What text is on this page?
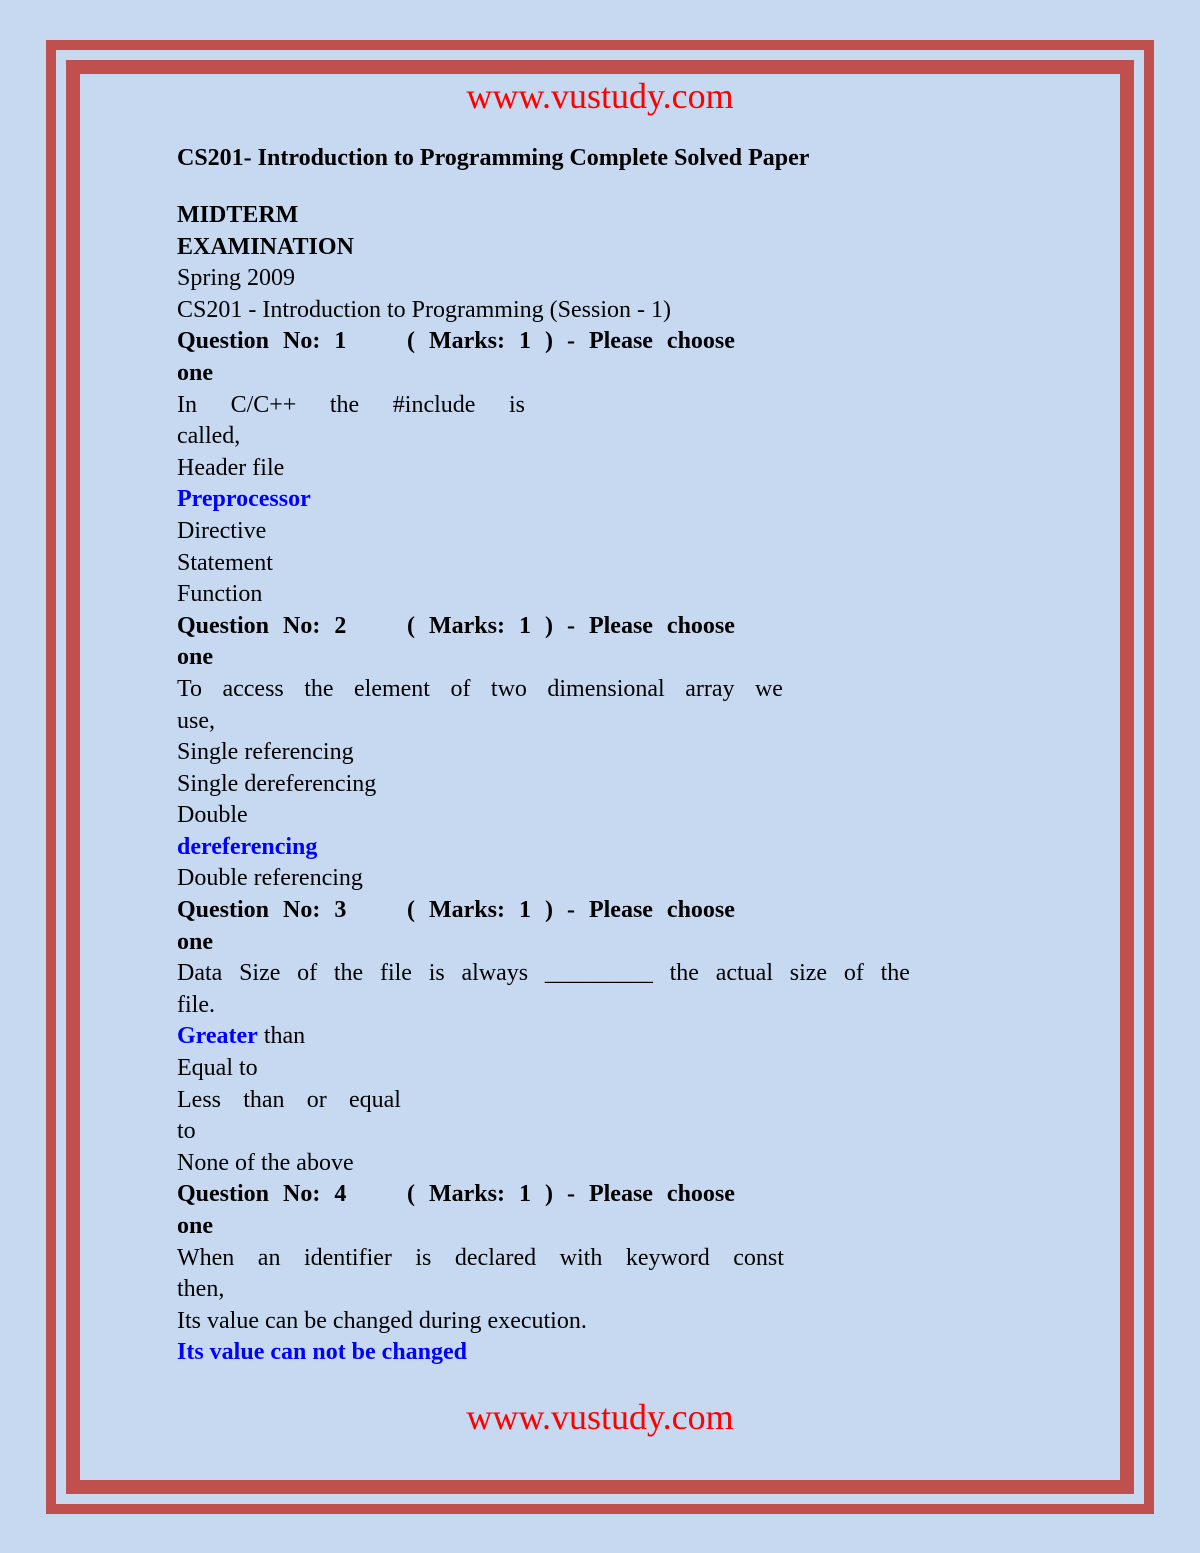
www.vustudy.com
CS201- Introduction to Programming Complete Solved Paper
MIDTERM
EXAMINATION
Spring 2009
CS201 - Introduction to Programming (Session - 1)
Question No: 1	( Marks: 1 ) - Please choose
one
In C/C++ the #include is
called,
Header file
Preprocessor
Directive
Statement
Function
Question No: 2	( Marks: 1 ) - Please choose
one
To access the element of two dimensional array we
use,
Single referencing
Single dereferencing
Double
dereferencing
Double referencing
Question No: 3	( Marks: 1 ) - Please choose
one
Data Size of the file is always _________ the actual size of the
file.
Greater than
Equal to
Less than or equal
to
None of the above
Question No: 4	( Marks: 1 ) - Please choose
one
When an identifier is declared with keyword const
then,
Its value can be changed during execution.
Its value can not be changed
www.vustudy.com
